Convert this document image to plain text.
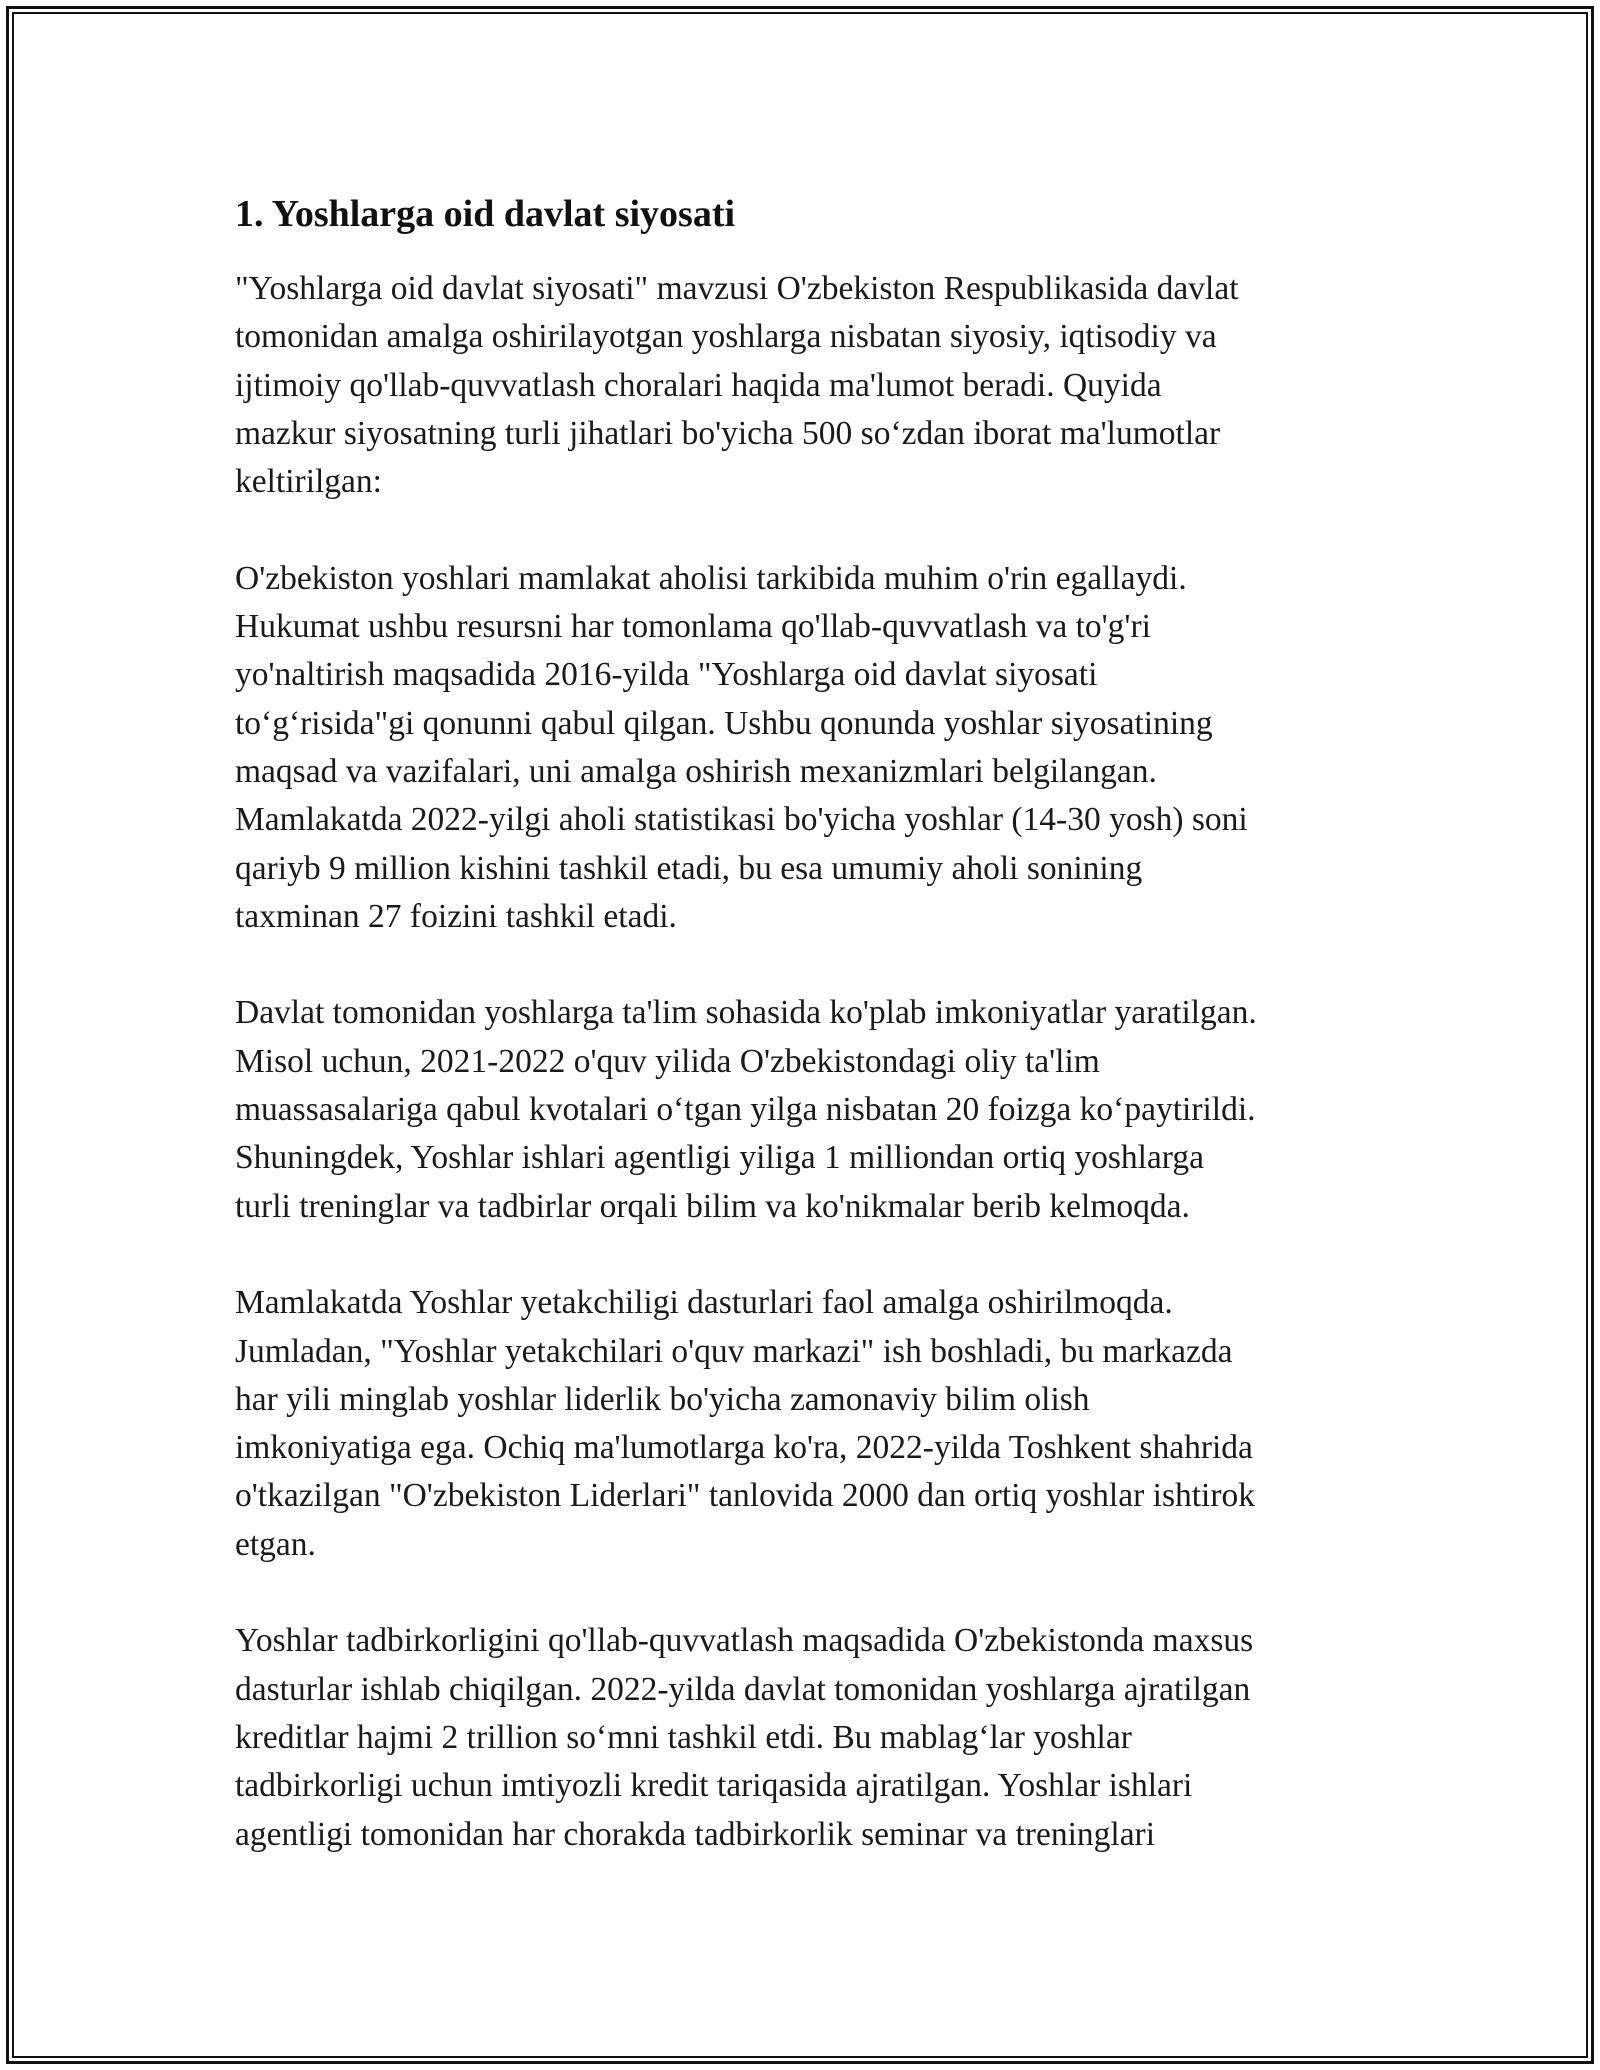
1. Yoshlarga oid davlat siyosati

"Yoshlarga oid davlat siyosati" mavzusi O'zbekiston Respublikasida davlat
tomonidan amalga oshirilayotgan yoshlarga nisbatan siyosiy, iqtisodiy va
ijtimoiy qo'llab-quvvatlash choralari haqida ma'lumot beradi. Quyida
mazkur siyosatning turli jihatlari bo'yicha 500 so‘zdan iborat ma'lumotlar
keltirilgan:

O'zbekiston yoshlari mamlakat aholisi tarkibida muhim o'rin egallaydi.
Hukumat ushbu resursni har tomonlama qo'llab-quvvatlash va to'g'ri
yo'naltirish maqsadida 2016-yilda "Yoshlarga oid davlat siyosati
to‘g‘risida"gi qonunni qabul qilgan. Ushbu qonunda yoshlar siyosatining
maqsad va vazifalari, uni amalga oshirish mexanizmlari belgilangan.
Mamlakatda 2022-yilgi aholi statistikasi bo'yicha yoshlar (14-30 yosh) soni
qariyb 9 million kishini tashkil etadi, bu esa umumiy aholi sonining
taxminan 27 foizini tashkil etadi.

Davlat tomonidan yoshlarga ta'lim sohasida ko'plab imkoniyatlar yaratilgan.
Misol uchun, 2021-2022 o'quv yilida O'zbekistondagi oliy ta'lim
muassasalariga qabul kvotalari o‘tgan yilga nisbatan 20 foizga ko‘paytirildi.
Shuningdek, Yoshlar ishlari agentligi yiliga 1 milliondan ortiq yoshlarga
turli treninglar va tadbirlar orqali bilim va ko'nikmalar berib kelmoqda.

Mamlakatda Yoshlar yetakchiligi dasturlari faol amalga oshirilmoqda.
Jumladan, "Yoshlar yetakchilari o'quv markazi" ish boshladi, bu markazda
har yili minglab yoshlar liderlik bo'yicha zamonaviy bilim olish
imkoniyatiga ega. Ochiq ma'lumotlarga ko'ra, 2022-yilda Toshkent shahrida
o'tkazilgan "O'zbekiston Liderlari" tanlovida 2000 dan ortiq yoshlar ishtirok
etgan.

Yoshlar tadbirkorligini qo'llab-quvvatlash maqsadida O'zbekistonda maxsus
dasturlar ishlab chiqilgan. 2022-yilda davlat tomonidan yoshlarga ajratilgan
kreditlar hajmi 2 trillion so‘mni tashkil etdi. Bu mablag‘lar yoshlar
tadbirkorligi uchun imtiyozli kredit tariqasida ajratilgan. Yoshlar ishlari
agentligi tomonidan har chorakda tadbirkorlik seminar va treninglari
